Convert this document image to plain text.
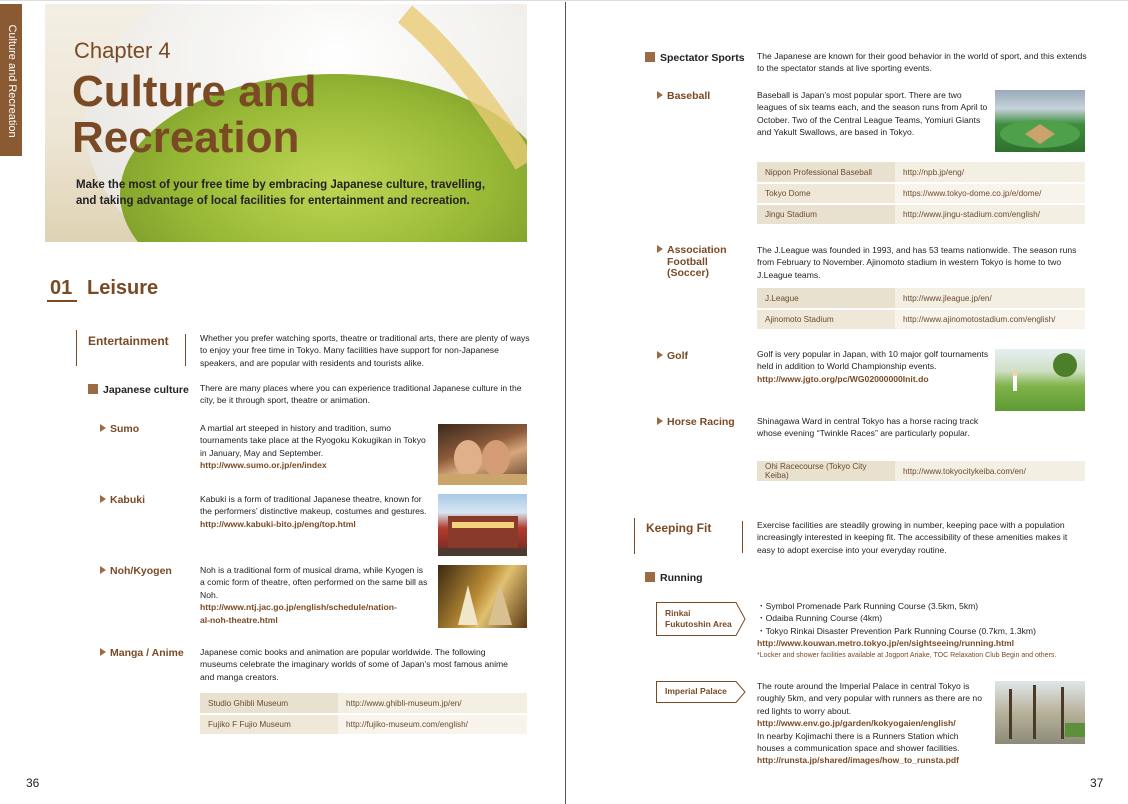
Culture and Recreation	Chapter 4
Culture and
Recreation
Make the most of your free time by embracing Japanese culture, travelling, and taking advantage of local facilities for entertainment and recreation.
01 Leisure
Entertainment	Whether you prefer watching sports, theatre or traditional arts, there are plenty of ways to enjoy your free time in Tokyo. Many facilities have support for non-Japanese speakers, and are popular with residents and tourists alike.
Japanese culture There are many places where you can experience traditional Japanese culture in the city, be it through sport, theatre or animation.
Sumo	A martial art steeped in history and tradition, sumo tournaments take place at the Ryogoku Kokugikan in Tokyo in January, May and September.
http://www.sumo.or.jp/en/index
Kabuki	Kabuki is a form of traditional Japanese theatre, known for the performers’ distinctive makeup, costumes and gestures.
http://www.kabuki-bito.jp/eng/top.html
Noh/Kyogen	Noh is a traditional form of musical drama, while Kyogen is a comic form of theatre, often performed on the same bill as Noh.
http://www.ntj.jac.go.jp/english/schedule/nation-
al-noh-theatre.html
Manga / Anime Japanese comic books and animation are popular worldwide. The following museums celebrate the imaginary worlds of some of Japan’s most famous anime and manga creators.
Studio Ghibli Museum	http://www.ghibli-museum.jp/en/
Fujiko F Fujio Museum	http://fujiko-museum.com/english/
36
Spectator Sports The Japanese are known for their good behavior in the world of sport, and this extends to the spectator stands at live sporting events.
Baseball	Baseball is Japan’s most popular sport. There are two leagues of six teams each, and the season runs from April to October. Two of the Central League Teams, Yomiuri Giants and Yakult Swallows, are based in Tokyo.
Nippon Professional Baseball	http://npb.jp/eng/
Tokyo Dome	https://www.tokyo-dome.co.jp/e/dome/
Jingu Stadium	http://www.jingu-stadium.com/english/
Association
Football
(Soccer)
The J.League was founded in 1993, and has 53 teams nationwide. The season runs from February to November. Ajinomoto stadium in western Tokyo is home to two J.League teams.
J.League	http://www.jleague.jp/en/
Ajinomoto Stadium	http://www.ajinomotostadium.com/english/
Golf	Golf is very popular in Japan, with 10 major golf tournaments held in addition to World Championship events.
http://www.jgto.org/pc/WG02000000Init.do
Horse Racing	Shinagawa Ward in central Tokyo has a horse racing track whose evening “Twinkle Races” are particularly popular.
Ohi Racecourse (Tokyo City Keiba)	http://www.tokyocitykeiba.com/en/
Keeping Fit	Exercise facilities are steadily growing in number, keeping pace with a population increasingly interested in keeping fit. The accessibility of these amenities makes it easy to adopt exercise into your everyday routine.
Running
Rinkai
Fukutoshin Area
・Symbol Promenade Park Running Course (3.5km, 5km)
・Odaiba Running Course (4km)
・Tokyo Rinkai Disaster Prevention Park Running Course (0.7km, 1.3km)
http://www.kouwan.metro.tokyo.jp/en/sightseeing/running.html
*Locker and shower facilities available at Jogport Ariake, TOC Relaxation Club Begin and others.
Imperial Palace	The route around the Imperial Palace in central Tokyo is roughly 5km, and very popular with runners as there are no red lights to worry about.
http://www.env.go.jp/garden/kokyogaien/english/
In nearby Kojimachi there is a Runners Station which houses a communication space and shower facilities.
http://runsta.jp/shared/images/how_to_runsta.pdf
37
